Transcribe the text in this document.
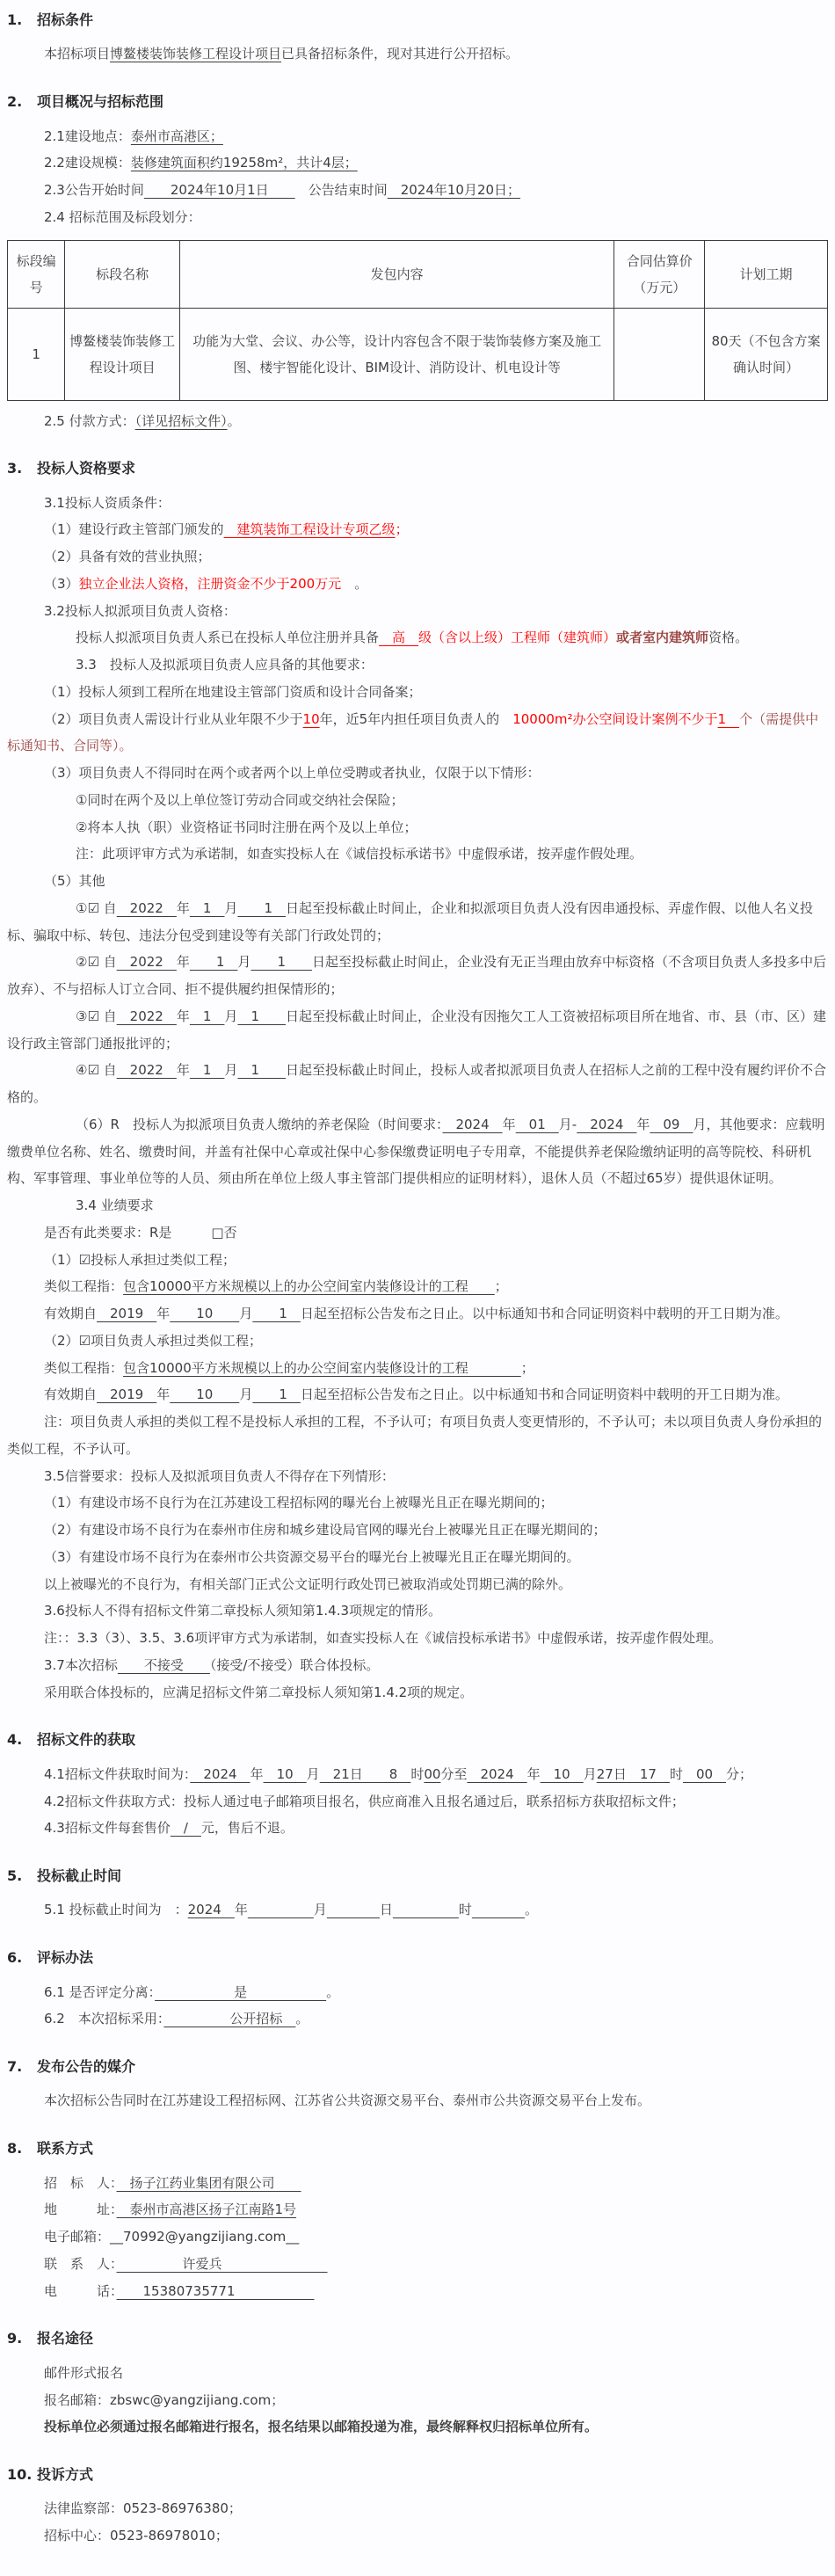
1.	招标条件

本招标项目博鳌楼装饰装修工程设计项目已具备招标条件，现对其进行公开招标。

2.	项目概况与招标范围

2.1建设地点：泰州市高港区；

2.2建设规模：装修建筑面积约19258m²，共计4层；

2.3公告开始时间　　2024年10月1日　　　公告结束时间　2024年10月20日；

2.4 招标范围及标段划分：

标段编号	标段名称	发包内容	合同估算价（万元）	计划工期
1	博鳌楼装饰装修工程设计项目	功能为大堂、会议、办公等，设计内容包含不限于装饰装修方案及施工图、楼宇智能化设计、BIM设计、消防设计、机电设计等		80天（不包含方案确认时间）

2.5 付款方式：（详见招标文件）。

3.	投标人资格要求

3.1投标人资质条件：

（1）建设行政主管部门颁发的　建筑装饰工程设计专项乙级；

（2）具备有效的营业执照；

（3）独立企业法人资格，注册资金不少于200万元　。

3.2投标人拟派项目负责人资格：

投标人拟派项目负责人系已在投标人单位注册并具备　高　级（含以上级）工程师（建筑师）或者室内建筑师资格。

3.3　投标人及拟派项目负责人应具备的其他要求：

（1）投标人须到工程所在地建设主管部门资质和设计合同备案；

（2）项目负责人需设计行业从业年限不少于10年，近5年内担任项目负责人的　10000m²办公空间设计案例不少于1　个（需提供中标通知书、合同等）。

（3）项目负责人不得同时在两个或者两个以上单位受聘或者执业，仅限于以下情形：

①同时在两个及以上单位签订劳动合同或交纳社会保险；

②将本人执（职）业资格证书同时注册在两个及以上单位；

注：此项评审方式为承诺制，如查实投标人在《诚信投标承诺书》中虚假承诺，按弄虚作假处理。

（5）其他

①☑ 自　2022　年　1　月　　1　日起至投标截止时间止，企业和拟派项目负责人没有因串通投标、弄虚作假、以他人名义投标、骗取中标、转包、违法分包受到建设等有关部门行政处罚的；

②☑ 自　2022　年　　1　月　　1　　日起至投标截止时间止，企业没有无正当理由放弃中标资格（不含项目负责人多投多中后放弃）、不与招标人订立合同、拒不提供履约担保情形的；

③☑ 自　2022　年　1　月　1　　日起至投标截止时间止，企业没有因拖欠工人工资被招标项目所在地省、市、县（市、区）建设行政主管部门通报批评的；

④☑ 自　2022　年　1　月　1　　日起至投标截止时间止，投标人或者拟派项目负责人在招标人之前的工程中没有履约评价不合格的。

（6）R　投标人为拟派项目负责人缴纳的养老保险（时间要求：　2024　年　01　月-　2024　年　09　月，其他要求：应载明缴费单位名称、姓名、缴费时间，并盖有社保中心章或社保中心参保缴费证明电子专用章，不能提供养老保险缴纳证明的高等院校、科研机构、军事管理、事业单位等的人员、须由所在单位上级人事主管部门提供相应的证明材料），退休人员（不超过65岁）提供退休证明。

3.4 业绩要求

是否有此类要求：R是　　　□否

（1）☑投标人承担过类似工程；

类似工程指：包含10000平方米规模以上的办公空间室内装修设计的工程　　；

有效期自　2019　年　　10　　月　　1　日起至招标公告发布之日止。以中标通知书和合同证明资料中载明的开工日期为准。

（2）☑项目负责人承担过类似工程；

类似工程指：包含10000平方米规模以上的办公空间室内装修设计的工程　　　　；

有效期自　2019　年　　10　　月　　1　日起至招标公告发布之日止。以中标通知书和合同证明资料中载明的开工日期为准。

注：项目负责人承担的类似工程不是投标人承担的工程，不予认可；有项目负责人变更情形的，不予认可；未以项目负责人身份承担的类似工程，不予认可。

3.5信誉要求：投标人及拟派项目负责人不得存在下列情形：

（1）有建设市场不良行为在江苏建设工程招标网的曝光台上被曝光且正在曝光期间的；

（2）有建设市场不良行为在泰州市住房和城乡建设局官网的曝光台上被曝光且正在曝光期间的；

（3）有建设市场不良行为在泰州市公共资源交易平台的曝光台上被曝光且正在曝光期间的。

以上被曝光的不良行为，有相关部门正式公文证明行政处罚已被取消或处罚期已满的除外。

3.6投标人不得有招标文件第二章投标人须知第1.4.3项规定的情形。

注：：3.3（3）、3.5、3.6项评审方式为承诺制，如查实投标人在《诚信投标承诺书》中虚假承诺，按弄虚作假处理。

3.7本次招标　　不接受　　（接受/不接受）联合体投标。

采用联合体投标的，应满足招标文件第二章投标人须知第1.4.2项的规定。

4.	招标文件的获取

4.1招标文件获取时间为：　2024　年　10　月　21日　　8　时00分至　2024　年　10　月27日　17　时　00　分；

4.2招标文件获取方式：投标人通过电子邮箱项目报名，供应商准入且报名通过后，联系招标方获取招标文件；

4.3招标文件每套售价　/　元，售后不退。

5.	投标截止时间

5.1 投标截止时间为　：2024　年　　　　　	月　　　　	日　　　　　	时　　　　	。

6.	评标办法

6.1 是否评定分离：　　　　　　是　　　　　　。

6.2　本次招标采用：　　　　　公开招标　。

7.	发布公告的媒介

本次招标公告同时在江苏建设工程招标网、江苏省公共资源交易平台、泰州市公共资源交易平台上发布。

8.	联系方式

招　标　人：　扬子江药业集团有限公司　　

地　　　址：　泰州市高港区扬子江南路1号

电子邮箱：__70992@yangzijiang.com__

联　系　人：　　　　　许爱兵　　　　　　　　

电　　　话：　　15380735771　　　　　　

9.	报名途径

邮件形式报名

报名邮箱：zbswc@yangzijiang.com；

投标单位必须通过报名邮箱进行报名，报名结果以邮箱投递为准，最终解释权归招标单位所有。

10. 投诉方式

法律监察部：0523-86976380；

招标中心：0523-86978010；
